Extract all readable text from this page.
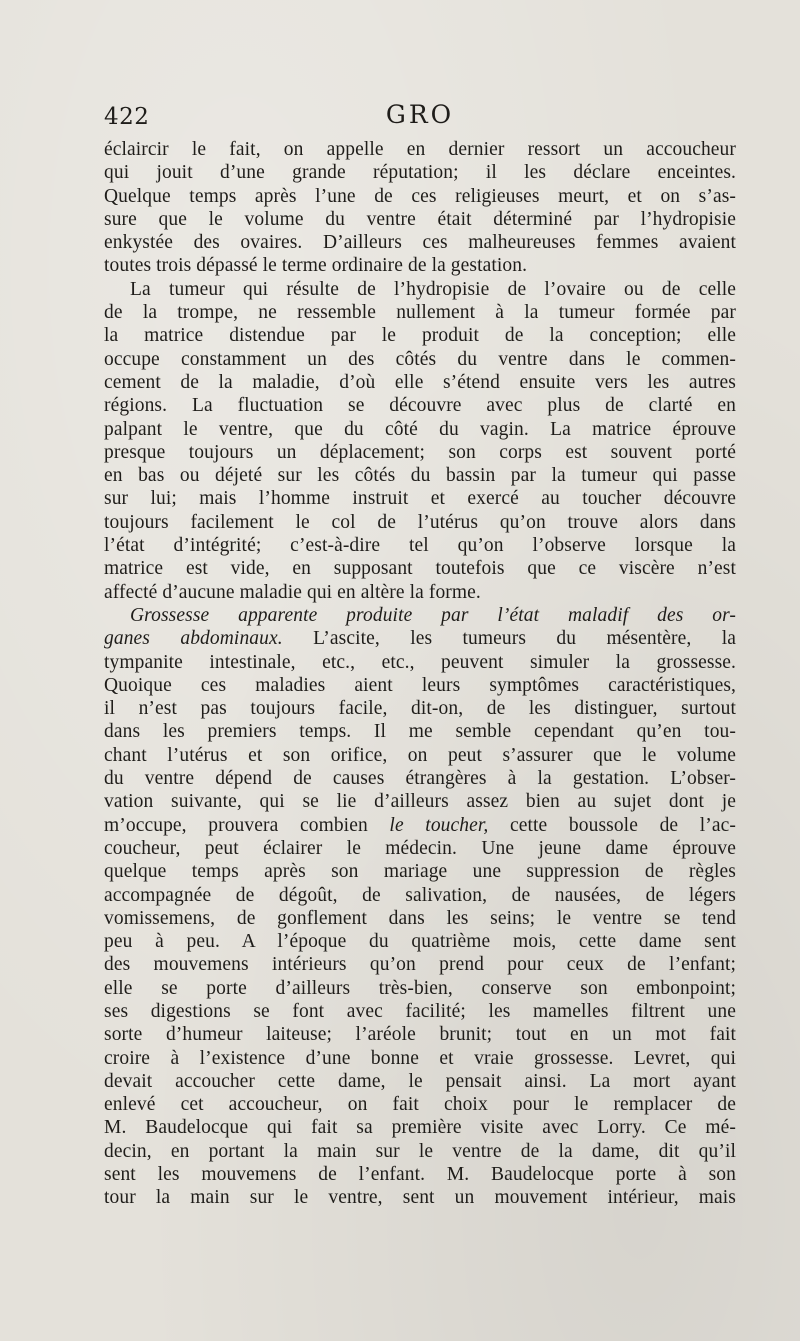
422	GRO
éclaircir le fait, on appelle en dernier ressort un accoucheur
qui jouit d’une grande réputation; il les déclare enceintes.
Quelque temps après l’une de ces religieuses meurt, et on s’as-
sure que le volume du ventre était déterminé par l’hydropisie
enkystée des ovaires. D’ailleurs ces malheureuses femmes avaient
toutes trois dépassé le terme ordinaire de la gestation.
La tumeur qui résulte de l’hydropisie de l’ovaire ou de celle
de la trompe, ne ressemble nullement à la tumeur formée par
la matrice distendue par le produit de la conception; elle
occupe constamment un des côtés du ventre dans le commen-
cement de la maladie, d’où elle s’étend ensuite vers les autres
régions. La fluctuation se découvre avec plus de clarté en
palpant le ventre, que du côté du vagin. La matrice éprouve
presque toujours un déplacement; son corps est souvent porté
en bas ou déjeté sur les côtés du bassin par la tumeur qui passe
sur lui; mais l’homme instruit et exercé au toucher découvre
toujours facilement le col de l’utérus qu’on trouve alors dans
l’état d’intégrité; c’est-à-dire tel qu’on l’observe lorsque la
matrice est vide, en supposant toutefois que ce viscère n’est
affecté d’aucune maladie qui en altère la forme.
Grossesse apparente produite par l’état maladif des or-
ganes abdominaux. L’ascite, les tumeurs du mésentère, la
tympanite intestinale, etc., etc., peuvent simuler la grossesse.
Quoique ces maladies aient leurs symptômes caractéristiques,
il n’est pas toujours facile, dit-on, de les distinguer, surtout
dans les premiers temps. Il me semble cependant qu’en tou-
chant l’utérus et son orifice, on peut s’assurer que le volume
du ventre dépend de causes étrangères à la gestation. L’obser-
vation suivante, qui se lie d’ailleurs assez bien au sujet dont je
m’occupe, prouvera combien le toucher, cette boussole de l’ac-
coucheur, peut éclairer le médecin. Une jeune dame éprouve
quelque temps après son mariage une suppression de règles
accompagnée de dégoût, de salivation, de nausées, de légers
vomissemens, de gonflement dans les seins; le ventre se tend
peu à peu. A l’époque du quatrième mois, cette dame sent
des mouvemens intérieurs qu’on prend pour ceux de l’enfant;
elle se porte d’ailleurs très-bien, conserve son embonpoint;
ses digestions se font avec facilité; les mamelles filtrent une
sorte d’humeur laiteuse; l’aréole brunit; tout en un mot fait
croire à l’existence d’une bonne et vraie grossesse. Levret, qui
devait accoucher cette dame, le pensait ainsi. La mort ayant
enlevé cet accoucheur, on fait choix pour le remplacer de
M. Baudelocque qui fait sa première visite avec Lorry. Ce mé-
decin, en portant la main sur le ventre de la dame, dit qu’il
sent les mouvemens de l’enfant. M. Baudelocque porte à son
tour la main sur le ventre, sent un mouvement intérieur, mais
